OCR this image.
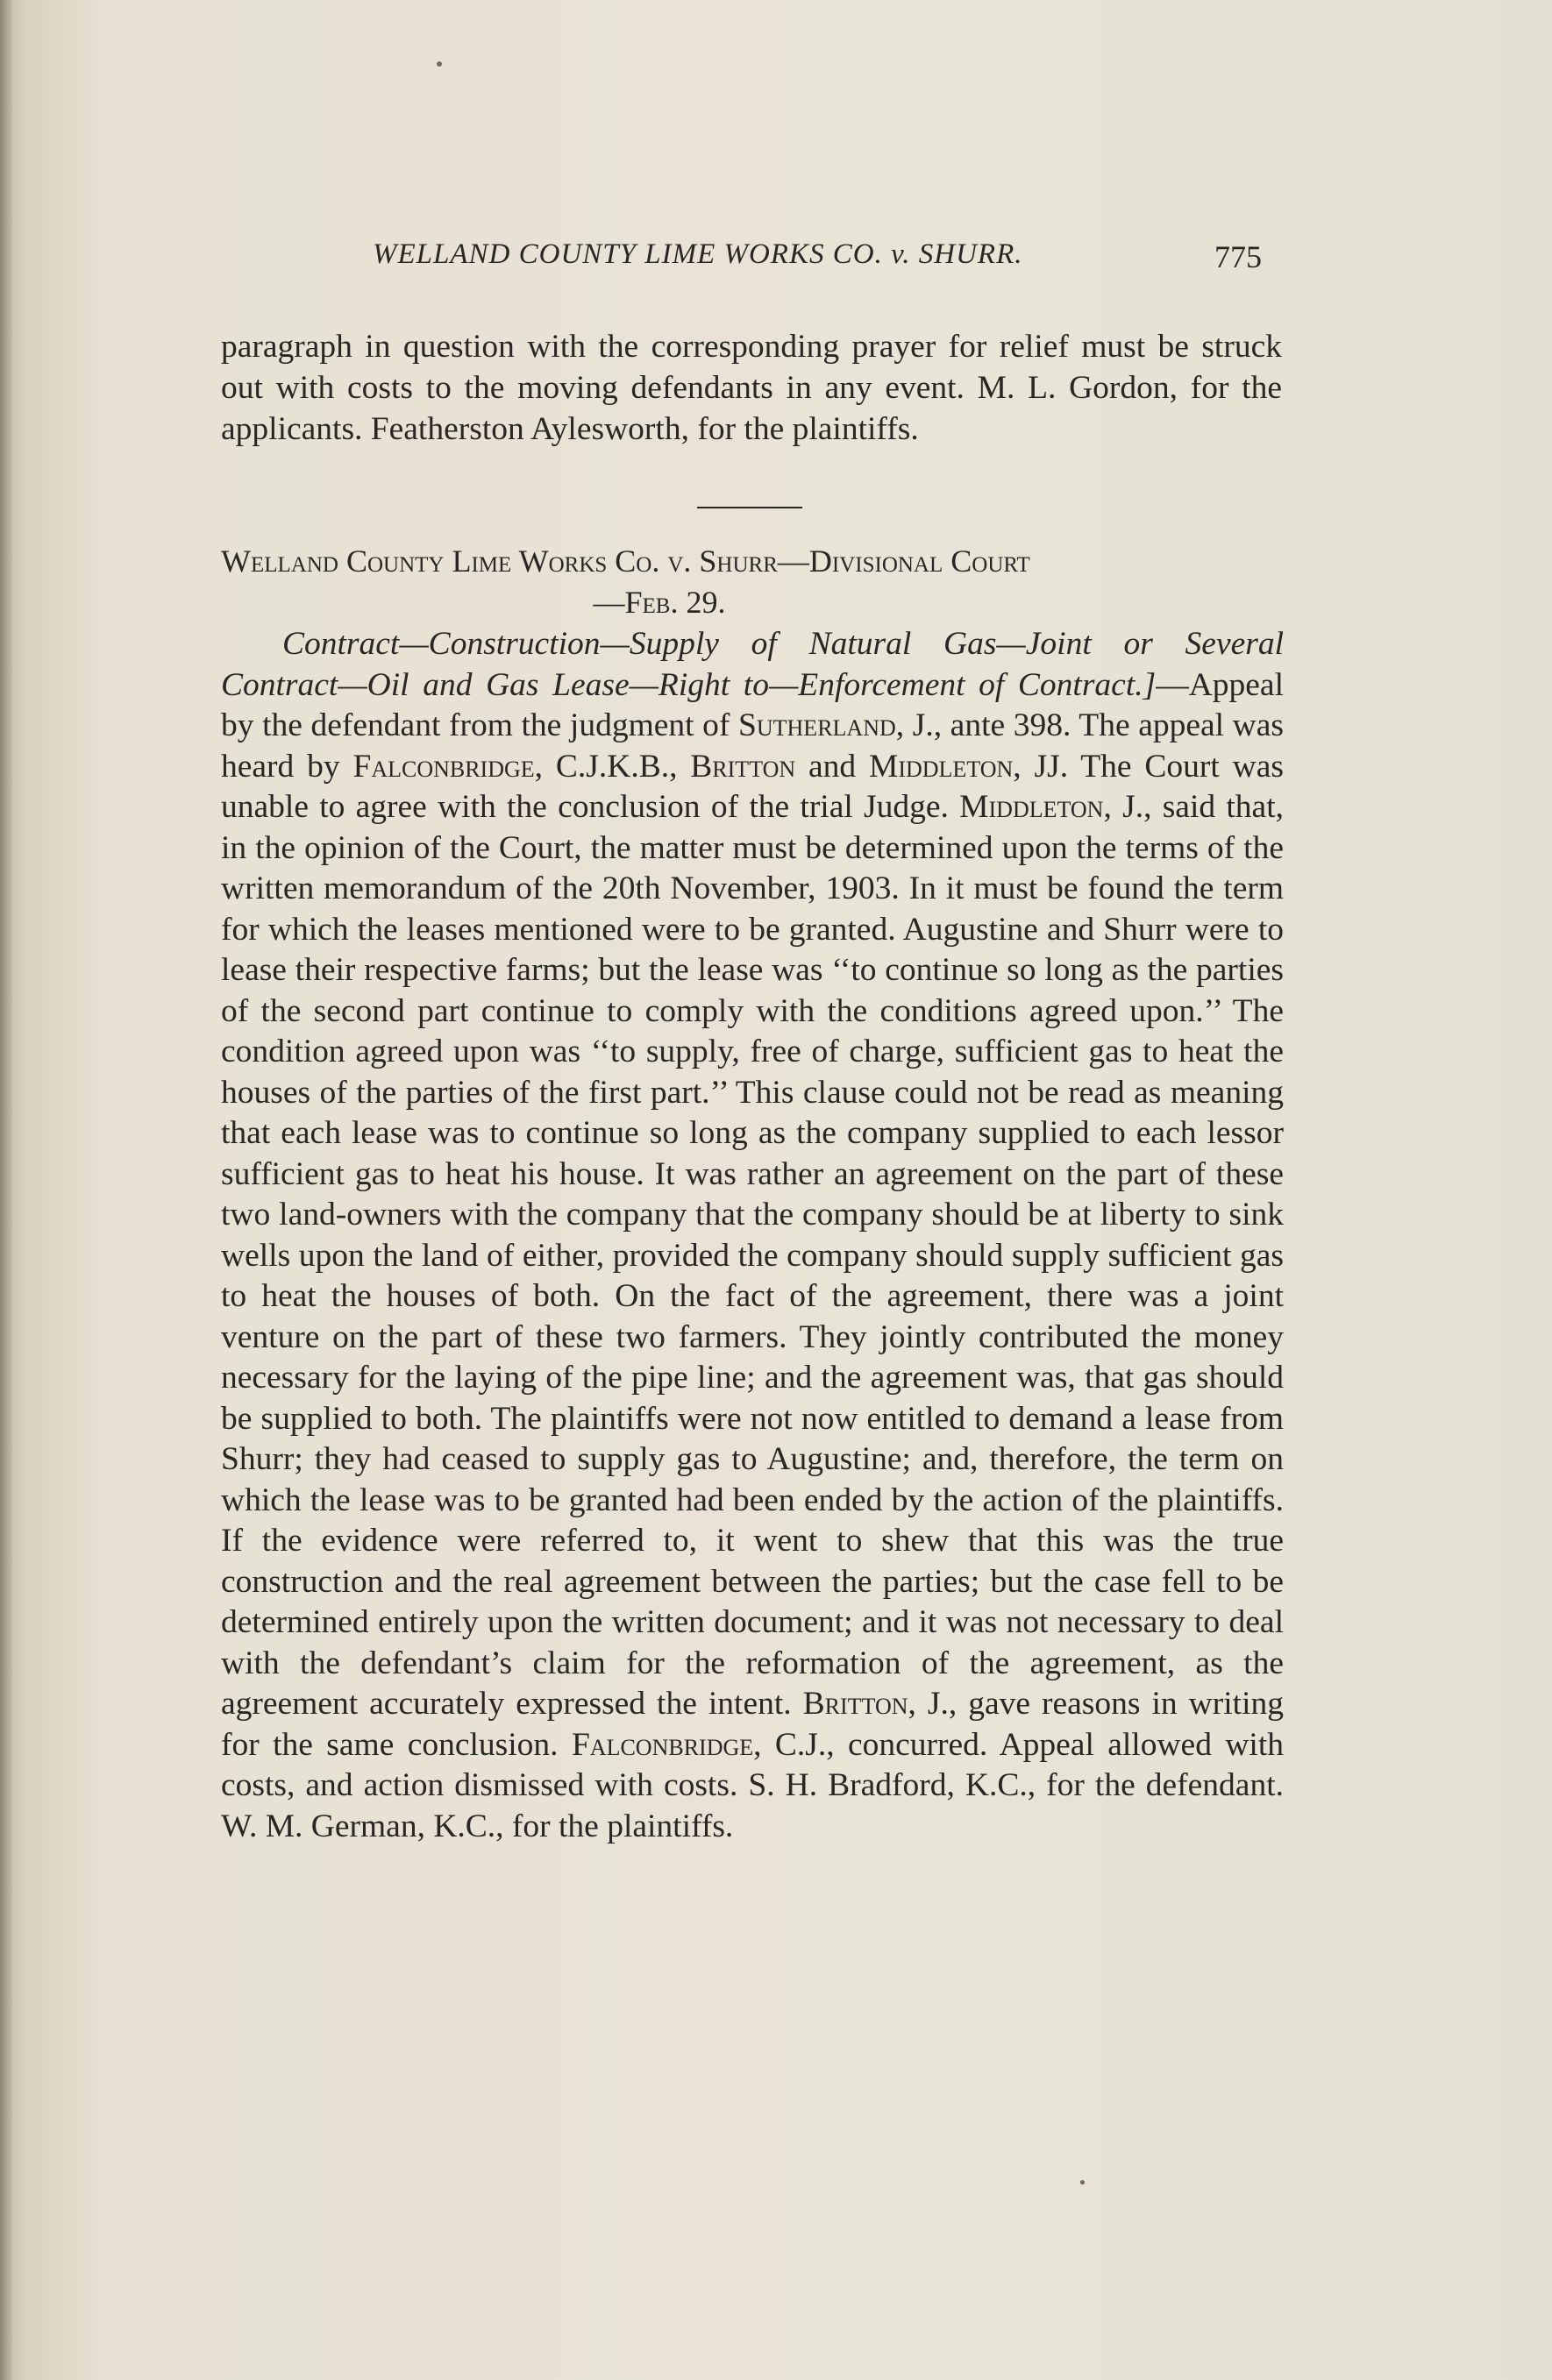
WELLAND COUNTY LIME WORKS CO. v. SHURR.	775

paragraph in question with the corresponding prayer for relief must be struck out with costs to the moving defendants in any event. M. L. Gordon, for the applicants. Featherston Aylesworth, for the plaintiffs.

Welland County Lime Works Co. v. Shurr—Divisional Court
—Feb. 29.

Contract—Construction—Supply of Natural Gas—Joint or Several Contract—Oil and Gas Lease—Right to—Enforcement of Contract.]—Appeal by the defendant from the judgment of Sutherland, J., ante 398. The appeal was heard by Falconbridge, C.J.K.B., Britton and Middleton, JJ. The Court was unable to agree with the conclusion of the trial Judge. Middleton, J., said that, in the opinion of the Court, the matter must be determined upon the terms of the written memorandum of the 20th November, 1903. In it must be found the term for which the leases mentioned were to be granted. Augustine and Shurr were to lease their respective farms; but the lease was ‘‘to continue so long as the parties of the second part continue to comply with the conditions agreed upon.’’ The condition agreed upon was ‘‘to supply, free of charge, sufficient gas to heat the houses of the parties of the first part.’’ This clause could not be read as meaning that each lease was to continue so long as the company supplied to each lessor sufficient gas to heat his house. It was rather an agreement on the part of these two land-owners with the company that the company should be at liberty to sink wells upon the land of either, provided the company should supply sufficient gas to heat the houses of both. On the fact of the agreement, there was a joint venture on the part of these two farmers. They jointly contributed the money necessary for the laying of the pipe line; and the agreement was, that gas should be supplied to both. The plaintiffs were not now entitled to demand a lease from Shurr; they had ceased to supply gas to Augustine; and, therefore, the term on which the lease was to be granted had been ended by the action of the plaintiffs. If the evidence were referred to, it went to shew that this was the true construction and the real agreement between the parties; but the case fell to be determined entirely upon the written document; and it was not necessary to deal with the defendant’s claim for the reformation of the agreement, as the agreement accurately expressed the intent. Britton, J., gave reasons in writing for the same conclusion. Falconbridge, C.J., concurred. Appeal allowed with costs, and action dismissed with costs. S. H. Bradford, K.C., for the defendant. W. M. German, K.C., for the plaintiffs.
